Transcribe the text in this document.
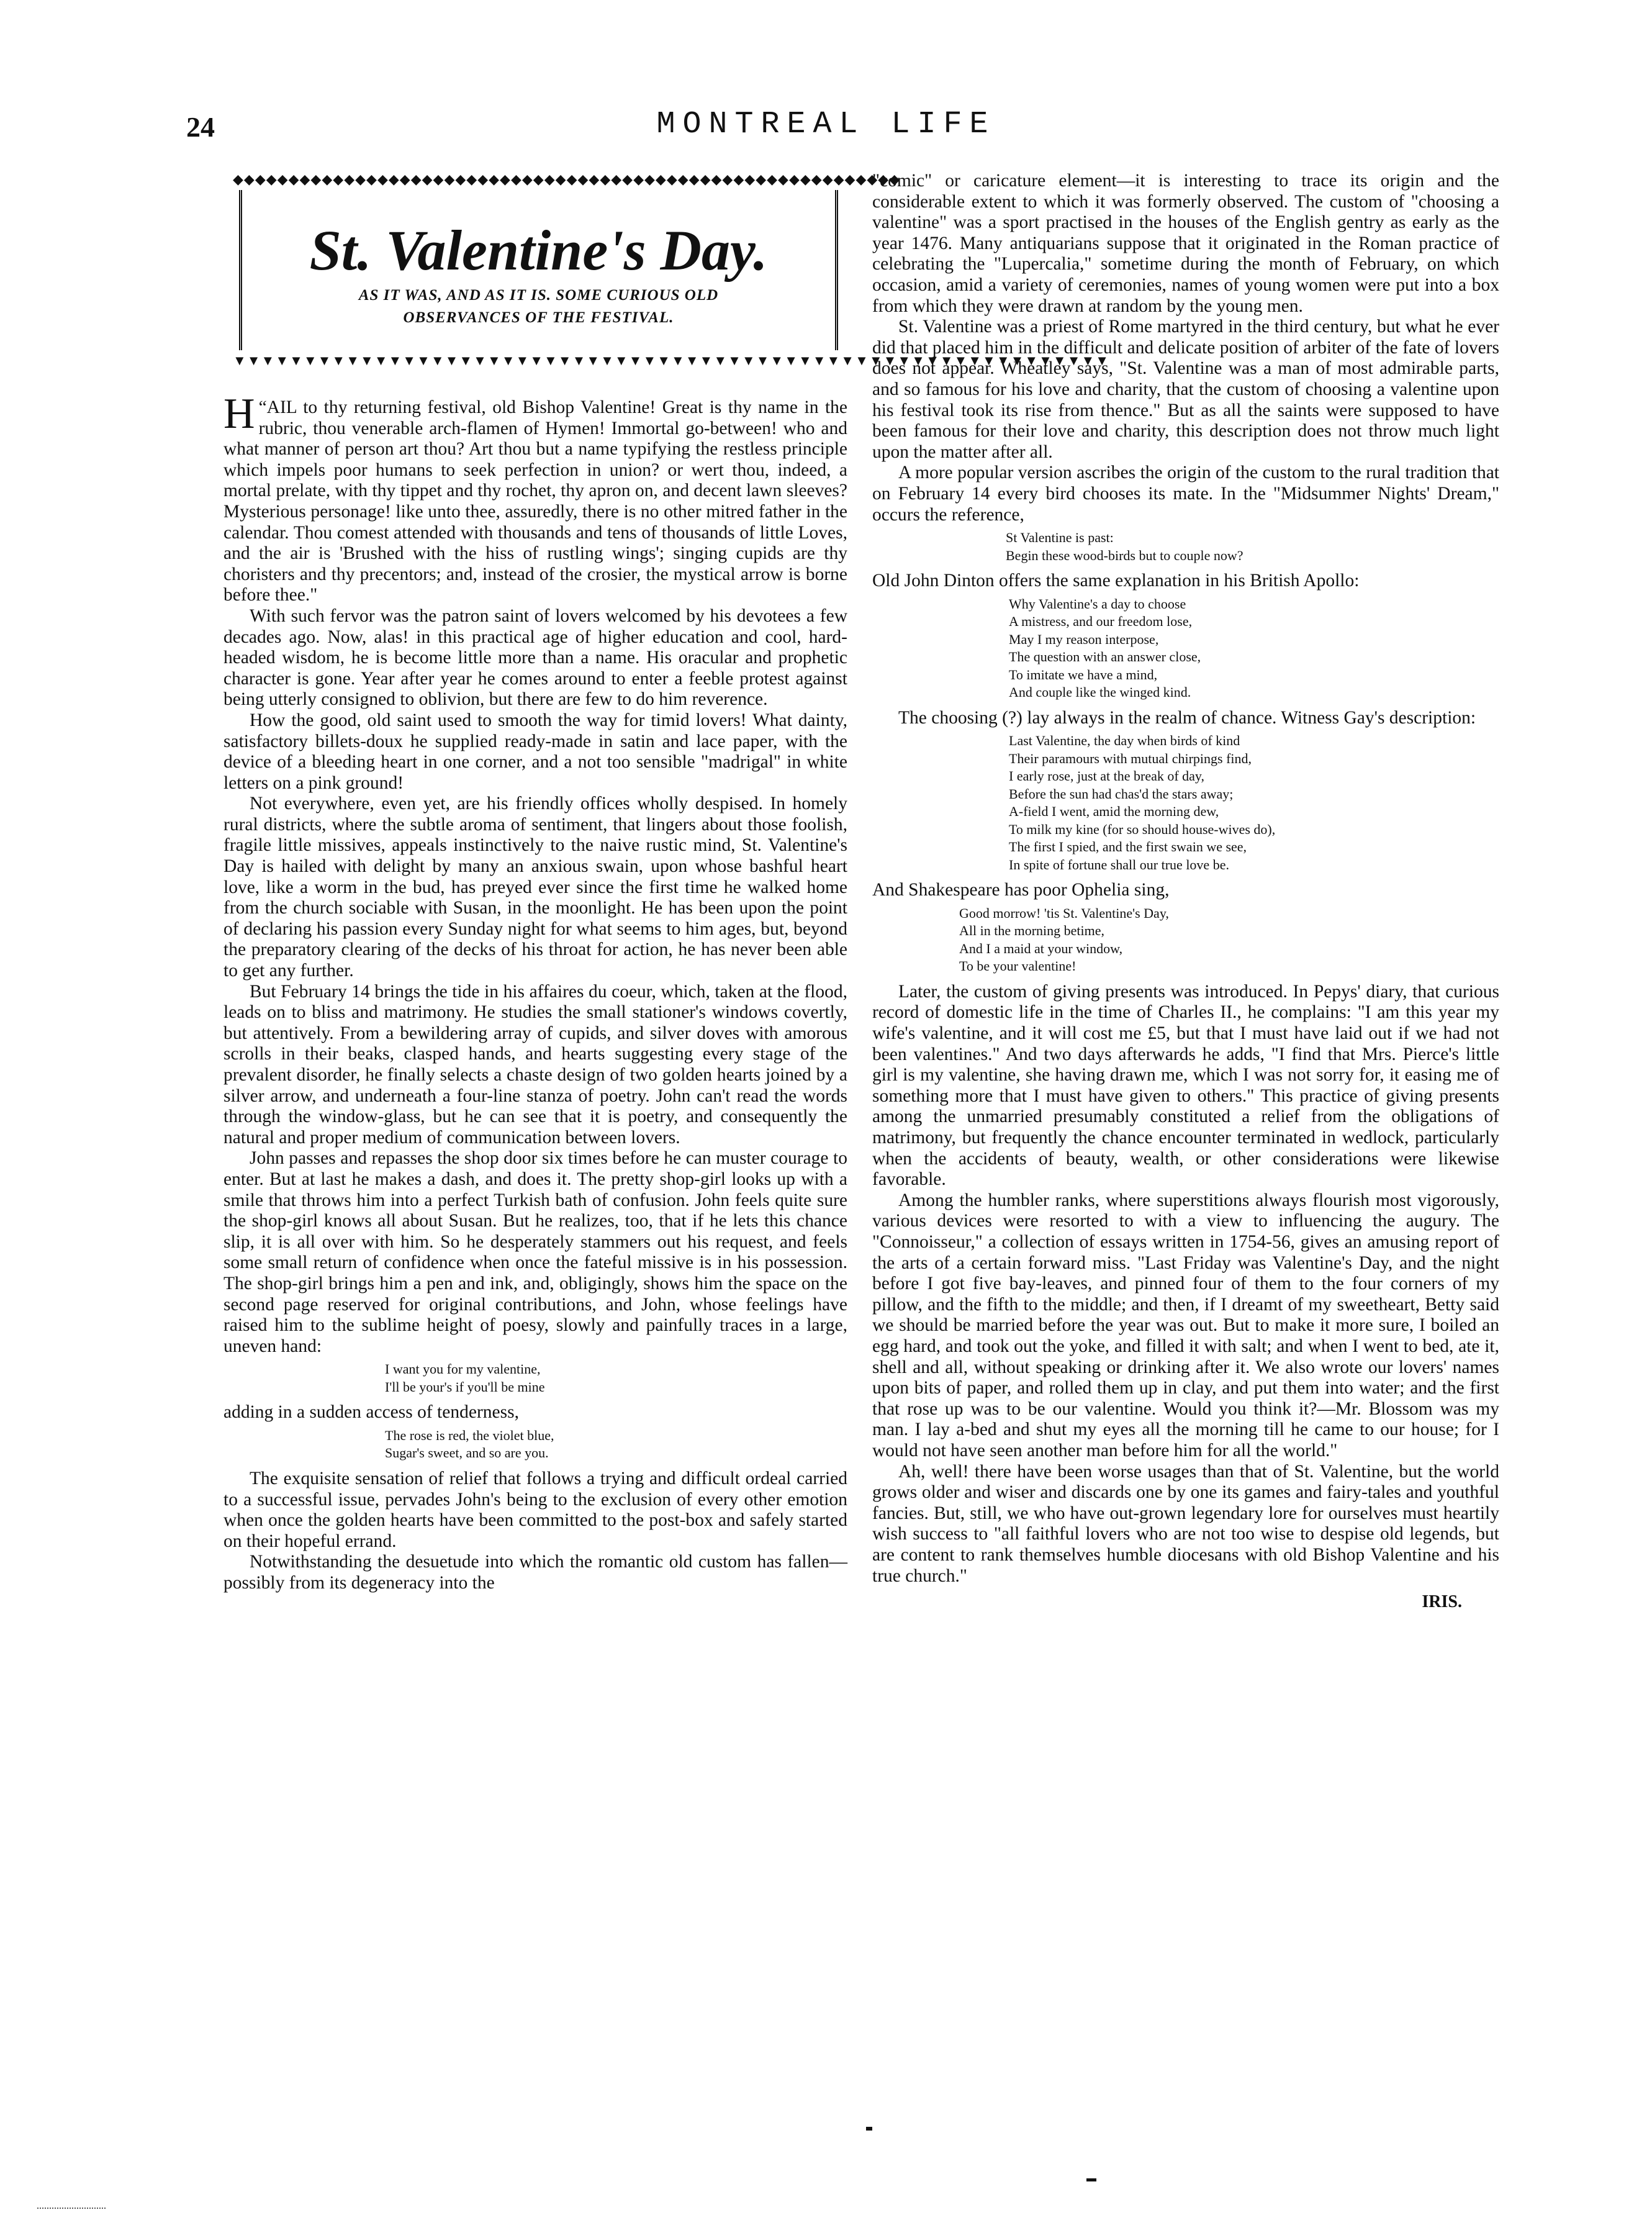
24	MONTREAL LIFE
◆◆◆◆◆◆◆◆◆◆◆◆◆◆◆◆◆◆◆◆◆◆◆◆◆◆◆◆◆◆◆◆◆◆◆◆◆◆◆◆◆◆◆◆◆◆◆◆◆◆◆◆◆◆◆◆◆◆◆◆
St. Valentine's Day.
AS IT WAS, AND AS IT IS. SOME CURIOUS OLD OBSERVANCES OF THE FESTIVAL.
▼▼▼▼▼▼▼▼▼▼▼▼▼▼▼▼▼▼▼▼▼▼▼▼▼▼▼▼▼▼▼▼▼▼▼▼▼▼▼▼▼▼▼▼▼▼▼▼▼▼▼▼▼▼▼▼▼▼▼▼▼▼

“
H AIL to thy returning festival, old Bishop Valentine! Great is thy name in the rubric, thou venerable arch-flamen of Hymen! Immortal go-between! who and what manner of person art thou? Art thou but a name typifying the restless principle which impels poor humans to seek perfection in union? or wert thou, indeed, a mortal prelate, with thy tippet and thy rochet, thy apron on, and decent lawn sleeves? Mysterious personage! like unto thee, assuredly, there is no other mitred father in the calendar. Thou comest attended with thousands and tens of thousands of little Loves, and the air is 'Brushed with the hiss of rustling wings'; singing cupids are thy choristers and thy precentors; and, instead of the crosier, the mystical arrow is borne before thee."

With such fervor was the patron saint of lovers welcomed by his devotees a few decades ago. Now, alas! in this practical age of higher education and cool, hard-headed wisdom, he is become little more than a name. His oracular and prophetic character is gone. Year after year he comes around to enter a feeble protest against being utterly consigned to oblivion, but there are few to do him reverence.

How the good, old saint used to smooth the way for timid lovers! What dainty, satisfactory billets-doux he supplied ready-made in satin and lace paper, with the device of a bleeding heart in one corner, and a not too sensible "madrigal" in white letters on a pink ground!

Not everywhere, even yet, are his friendly offices wholly despised. In homely rural districts, where the subtle aroma of sentiment, that lingers about those foolish, fragile little missives, appeals instinctively to the naive rustic mind, St. Valentine's Day is hailed with delight by many an anxious swain, upon whose bashful heart love, like a worm in the bud, has preyed ever since the first time he walked home from the church sociable with Susan, in the moonlight. He has been upon the point of declaring his passion every Sunday night for what seems to him ages, but, beyond the preparatory clearing of the decks of his throat for action, he has never been able to get any further.

But February 14 brings the tide in his affaires du coeur, which, taken at the flood, leads on to bliss and matrimony. He studies the small stationer's windows covertly, but attentively. From a bewildering array of cupids, and silver doves with amorous scrolls in their beaks, clasped hands, and hearts suggesting every stage of the prevalent disorder, he finally selects a chaste design of two golden hearts joined by a silver arrow, and underneath a four-line stanza of poetry. John can't read the words through the window-glass, but he can see that it is poetry, and consequently the natural and proper medium of communication between lovers.

John passes and repasses the shop door six times before he can muster courage to enter. But at last he makes a dash, and does it. The pretty shop-girl looks up with a smile that throws him into a perfect Turkish bath of confusion. John feels quite sure the shop-girl knows all about Susan. But he realizes, too, that if he lets this chance slip, it is all over with him. So he desperately stammers out his request, and feels some small return of confidence when once the fateful missive is in his possession. The shop-girl brings him a pen and ink, and, obligingly, shows him the space on the second page reserved for original contributions, and John, whose feelings have raised him to the sublime height of poesy, slowly and painfully traces in a large, uneven hand:

I want you for my valentine,
I'll be your's if you'll be mine

adding in a sudden access of tenderness,

The rose is red, the violet blue,
Sugar's sweet, and so are you.

The exquisite sensation of relief that follows a trying and difficult ordeal carried to a successful issue, pervades John's being to the exclusion of every other emotion when once the golden hearts have been committed to the post-box and safely started on their hopeful errand.

Notwithstanding the desuetude into which the romantic old custom has fallen—possibly from its degeneracy into the

"comic" or caricature element—it is interesting to trace its origin and the considerable extent to which it was formerly observed. The custom of "choosing a valentine" was a sport practised in the houses of the English gentry as early as the year 1476. Many antiquarians suppose that it originated in the Roman practice of celebrating the "Lupercalia," sometime during the month of February, on which occasion, amid a variety of ceremonies, names of young women were put into a box from which they were drawn at random by the young men.

St. Valentine was a priest of Rome martyred in the third century, but what he ever did that placed him in the difficult and delicate position of arbiter of the fate of lovers does not appear. Wheatley says, "St. Valentine was a man of most admirable parts, and so famous for his love and charity, that the custom of choosing a valentine upon his festival took its rise from thence." But as all the saints were supposed to have been famous for their love and charity, this description does not throw much light upon the matter after all.

A more popular version ascribes the origin of the custom to the rural tradition that on February 14 every bird chooses its mate. In the "Midsummer Nights' Dream," occurs the reference,

St Valentine is past:
Begin these wood-birds but to couple now?

Old John Dinton offers the same explanation in his British Apollo:

Why Valentine's a day to choose
A mistress, and our freedom lose,
May I my reason interpose,
The question with an answer close,
To imitate we have a mind,
And couple like the winged kind.

The choosing (?) lay always in the realm of chance. Witness Gay's description:

Last Valentine, the day when birds of kind
Their paramours with mutual chirpings find,
I early rose, just at the break of day,
Before the sun had chas'd the stars away;
A-field I went, amid the morning dew,
To milk my kine (for so should house-wives do),
The first I spied, and the first swain we see,
In spite of fortune shall our true love be.

And Shakespeare has poor Ophelia sing,

Good morrow! 'tis St. Valentine's Day,
All in the morning betime,
And I a maid at your window,
To be your valentine!

Later, the custom of giving presents was introduced. In Pepys' diary, that curious record of domestic life in the time of Charles II., he complains: "I am this year my wife's valentine, and it will cost me £5, but that I must have laid out if we had not been valentines." And two days afterwards he adds, "I find that Mrs. Pierce's little girl is my valentine, she having drawn me, which I was not sorry for, it easing me of something more that I must have given to others." This practice of giving presents among the unmarried presumably constituted a relief from the obligations of matrimony, but frequently the chance encounter terminated in wedlock, particularly when the accidents of beauty, wealth, or other considerations were likewise favorable.

Among the humbler ranks, where superstitions always flourish most vigorously, various devices were resorted to with a view to influencing the augury. The "Connoisseur," a collection of essays written in 1754-56, gives an amusing report of the arts of a certain forward miss. "Last Friday was Valentine's Day, and the night before I got five bay-leaves, and pinned four of them to the four corners of my pillow, and the fifth to the middle; and then, if I dreamt of my sweetheart, Betty said we should be married before the year was out. But to make it more sure, I boiled an egg hard, and took out the yoke, and filled it with salt; and when I went to bed, ate it, shell and all, without speaking or drinking after it. We also wrote our lovers' names upon bits of paper, and rolled them up in clay, and put them into water; and the first that rose up was to be our valentine. Would you think it?—Mr. Blossom was my man. I lay a-bed and shut my eyes all the morning till he came to our house; for I would not have seen another man before him for all the world."

Ah, well! there have been worse usages than that of St. Valentine, but the world grows older and wiser and discards one by one its games and fairy-tales and youthful fancies. But, still, we who have out-grown legendary lore for ourselves must heartily wish success to "all faithful lovers who are not too wise to despise old legends, but are content to rank themselves humble diocesans with old Bishop Valentine and his true church."

IRIS.
